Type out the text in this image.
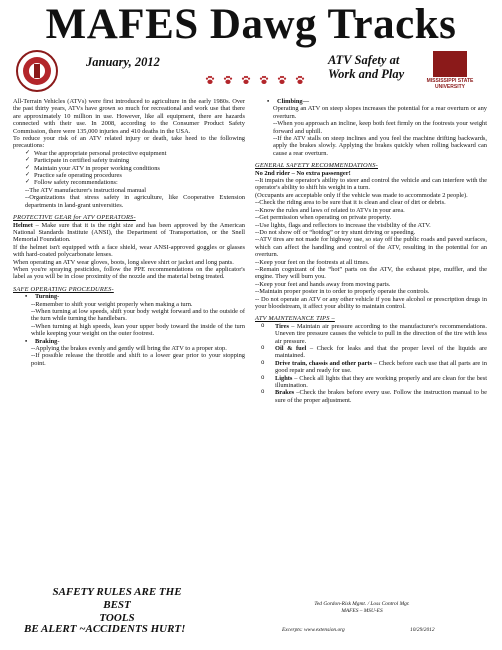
MAFES Dawg Tracks
January, 2012	ATV Safety at
Work and Play	MISSISSIPPI STATE UNIVERSITY

All-Terrain Vehicles (ATVs) were first introduced to agriculture in the early 1980s. Over the past thirty years, ATVs have grown so much for recreational and work use that there are approximately 10 million in use. However, like all equipment, there are hazards connected with their use. In 2008, according to the Consumer Product Safety Commission, there were 135,000 injuries and 410 deaths in the USA.

To reduce your risk of an ATV related injury or death, take heed to the following precautions:

✓ Wear the appropriate personal protective equipment
✓ Participate in certified safety training
✓ Maintain your ATV in proper working conditions
✓ Practice safe operating procedures
✓ Follow safety recommendations:

--The ATV manufacturer's instructional manual

--Organizations that stress safety in agriculture, like Cooperative Extension departments in land-grant universities.

PROTECTIVE GEAR for ATV OPERATORS-

Helmet – Make sure that it is the right size and has been approved by the American National Standards Institute (ANSI), the Department of Transportation, or the Snell Memorial Foundation.

If the helmet isn't equipped with a face shield, wear ANSI-approved goggles or glasses with hard-coated polycarbonate lenses.

When operating an ATV wear gloves, boots, long sleeve shirt or jacket and long pants.

When you're spraying pesticides, follow the PPE recommendations on the applicator's label as you will be in close proximity of the nozzle and the material being treated.

SAFE OPERATING PROCEDURES-

• Turning-

--Remember to shift your weight properly when making a turn.

--When turning at low speeds, shift your body weight forward and to the outside of the turn while turning the handlebars.

--When turning at high speeds, lean your upper body toward the inside of the turn while keeping your weight on the outer footrest.

• Braking-

--Applying the brakes evenly and gently will bring the ATV to a proper stop.

--If possible release the throttle and shift to a lower gear prior to your stopping point.

• Climbing—

Operating an ATV on steep slopes increases the potential for a rear overturn or any overturn.

--When you approach an incline, keep both feet firmly on the footrests your weight forward and uphill.

--If the ATV stalls on steep inclines and you feel the machine drifting backwards, apply the brakes slowly. Applying the brakes quickly when rolling backward can cause a rear overturn.

GENERAL SAFETY RECOMMENDATIONS-

No 2nd rider – No extra passenger!

--It impairs the operator's ability to steer and control the vehicle and can interfere with the operator's ability to shift his weight in a turn.

(Occupants are acceptable only if the vehicle was made to accommodate 2 people).

--Check the riding area to be sure that it is clean and clear of dirt or debris.

--Know the rules and laws of related to ATVs in your area.

--Get permission when operating on private property.

--Use lights, flags and reflectors to increase the visibility of the ATV.

--Do not show off or “hotdog” or try stunt driving or speeding.

--ATV tires are not made for highway use, so stay off the public roads and paved surfaces, which can affect the handling and control of the ATV, resulting in the potential for an overturn.

--Keep your feet on the footrests at all times.

--Remain cognizant of the “hot” parts on the ATV, the exhaust pipe, muffler, and the engine. They will burn you.

--Keep your feet and hands away from moving parts.

--Maintain proper poster in to order to properly operate the controls.

-- Do not operate an ATV or any other vehicle if you have alcohol or prescription drugs in your bloodstream, it affect your ability to maintain control.

ATV MAINTENANCE TIPS –

o Tires – Maintain air pressure according to the manufacturer's recommendations. Uneven tire pressure causes the vehicle to pull in the direction of the tire with less air pressure.
o Oil & fuel – Check for leaks and that the proper level of the liquids are maintained.
o Drive train, chassis and other parts – Check before each use that all parts are in good repair and ready for use.
o Lights – Check all lights that they are working properly and are clean for the best illumination.
o Brakes –Check the brakes before every use. Follow the instruction manual to be sure of the proper adjustment.
SAFETY RULES ARE THE BEST
TOOLS
BE ALERT ~ACCIDENTS HURT!
Ted Gordon-Risk Mgmt. / Loss Control Mgr.
MAFES – MSU-ES
Excerpts: www.extension.org	10/29/2012
